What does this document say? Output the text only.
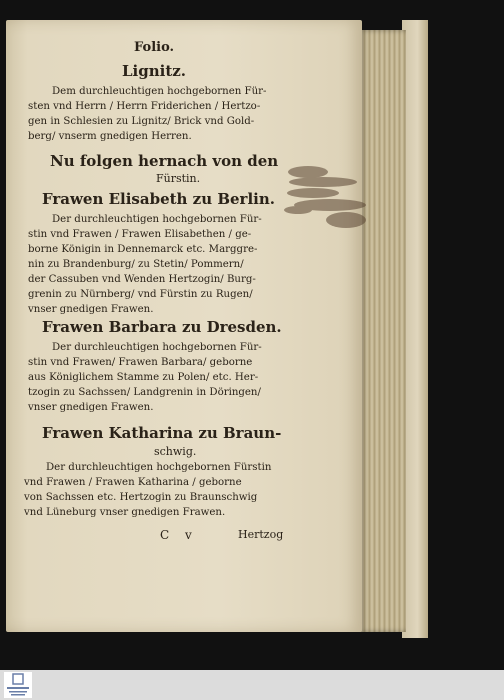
Folio.
Lignitz.
Dem durchleuchtigen hochgebornen Für-
sten vnd Herrn / Herrn Friderichen / Hertzo-
gen in Schlesien zu Lignitz/ Brick vnd Gold-
berg/ vnserm gnedigen Herren.
Nu folgen hernach von den
Fürstin.
Frawen Elisabeth zu Berlin.
Der durchleuchtigen hochgebornen Für-
stin vnd Frawen / Frawen Elisabethen / ge-
borne Königin in Dennemarck etc. Marggre-
nin zu Brandenburg/ zu Stetin/ Pommern/
der Cassuben vnd Wenden Hertzogin/ Burg-
grenin zu Nürnberg/ vnd Fürstin zu Rugen/
vnser gnedigen Frawen.
Frawen Barbara zu Dresden.
Der durchleuchtigen hochgebornen Für-
stin vnd Frawen/ Frawen Barbara/ geborne
aus Königlichem Stamme zu Polen/ etc. Her-
tzogin zu Sachssen/ Landgrenin in Döringen/
vnser gnedigen Frawen.
Frawen Katharina zu Braun-
schwig.
Der durchleuchtigen hochgebornen Fürstin
vnd Frawen / Frawen Katharina / geborne
von Sachssen etc. Hertzogin zu Braunschwig
vnd Lüneburg vnser gnedigen Frawen.
C v	Hertzog
